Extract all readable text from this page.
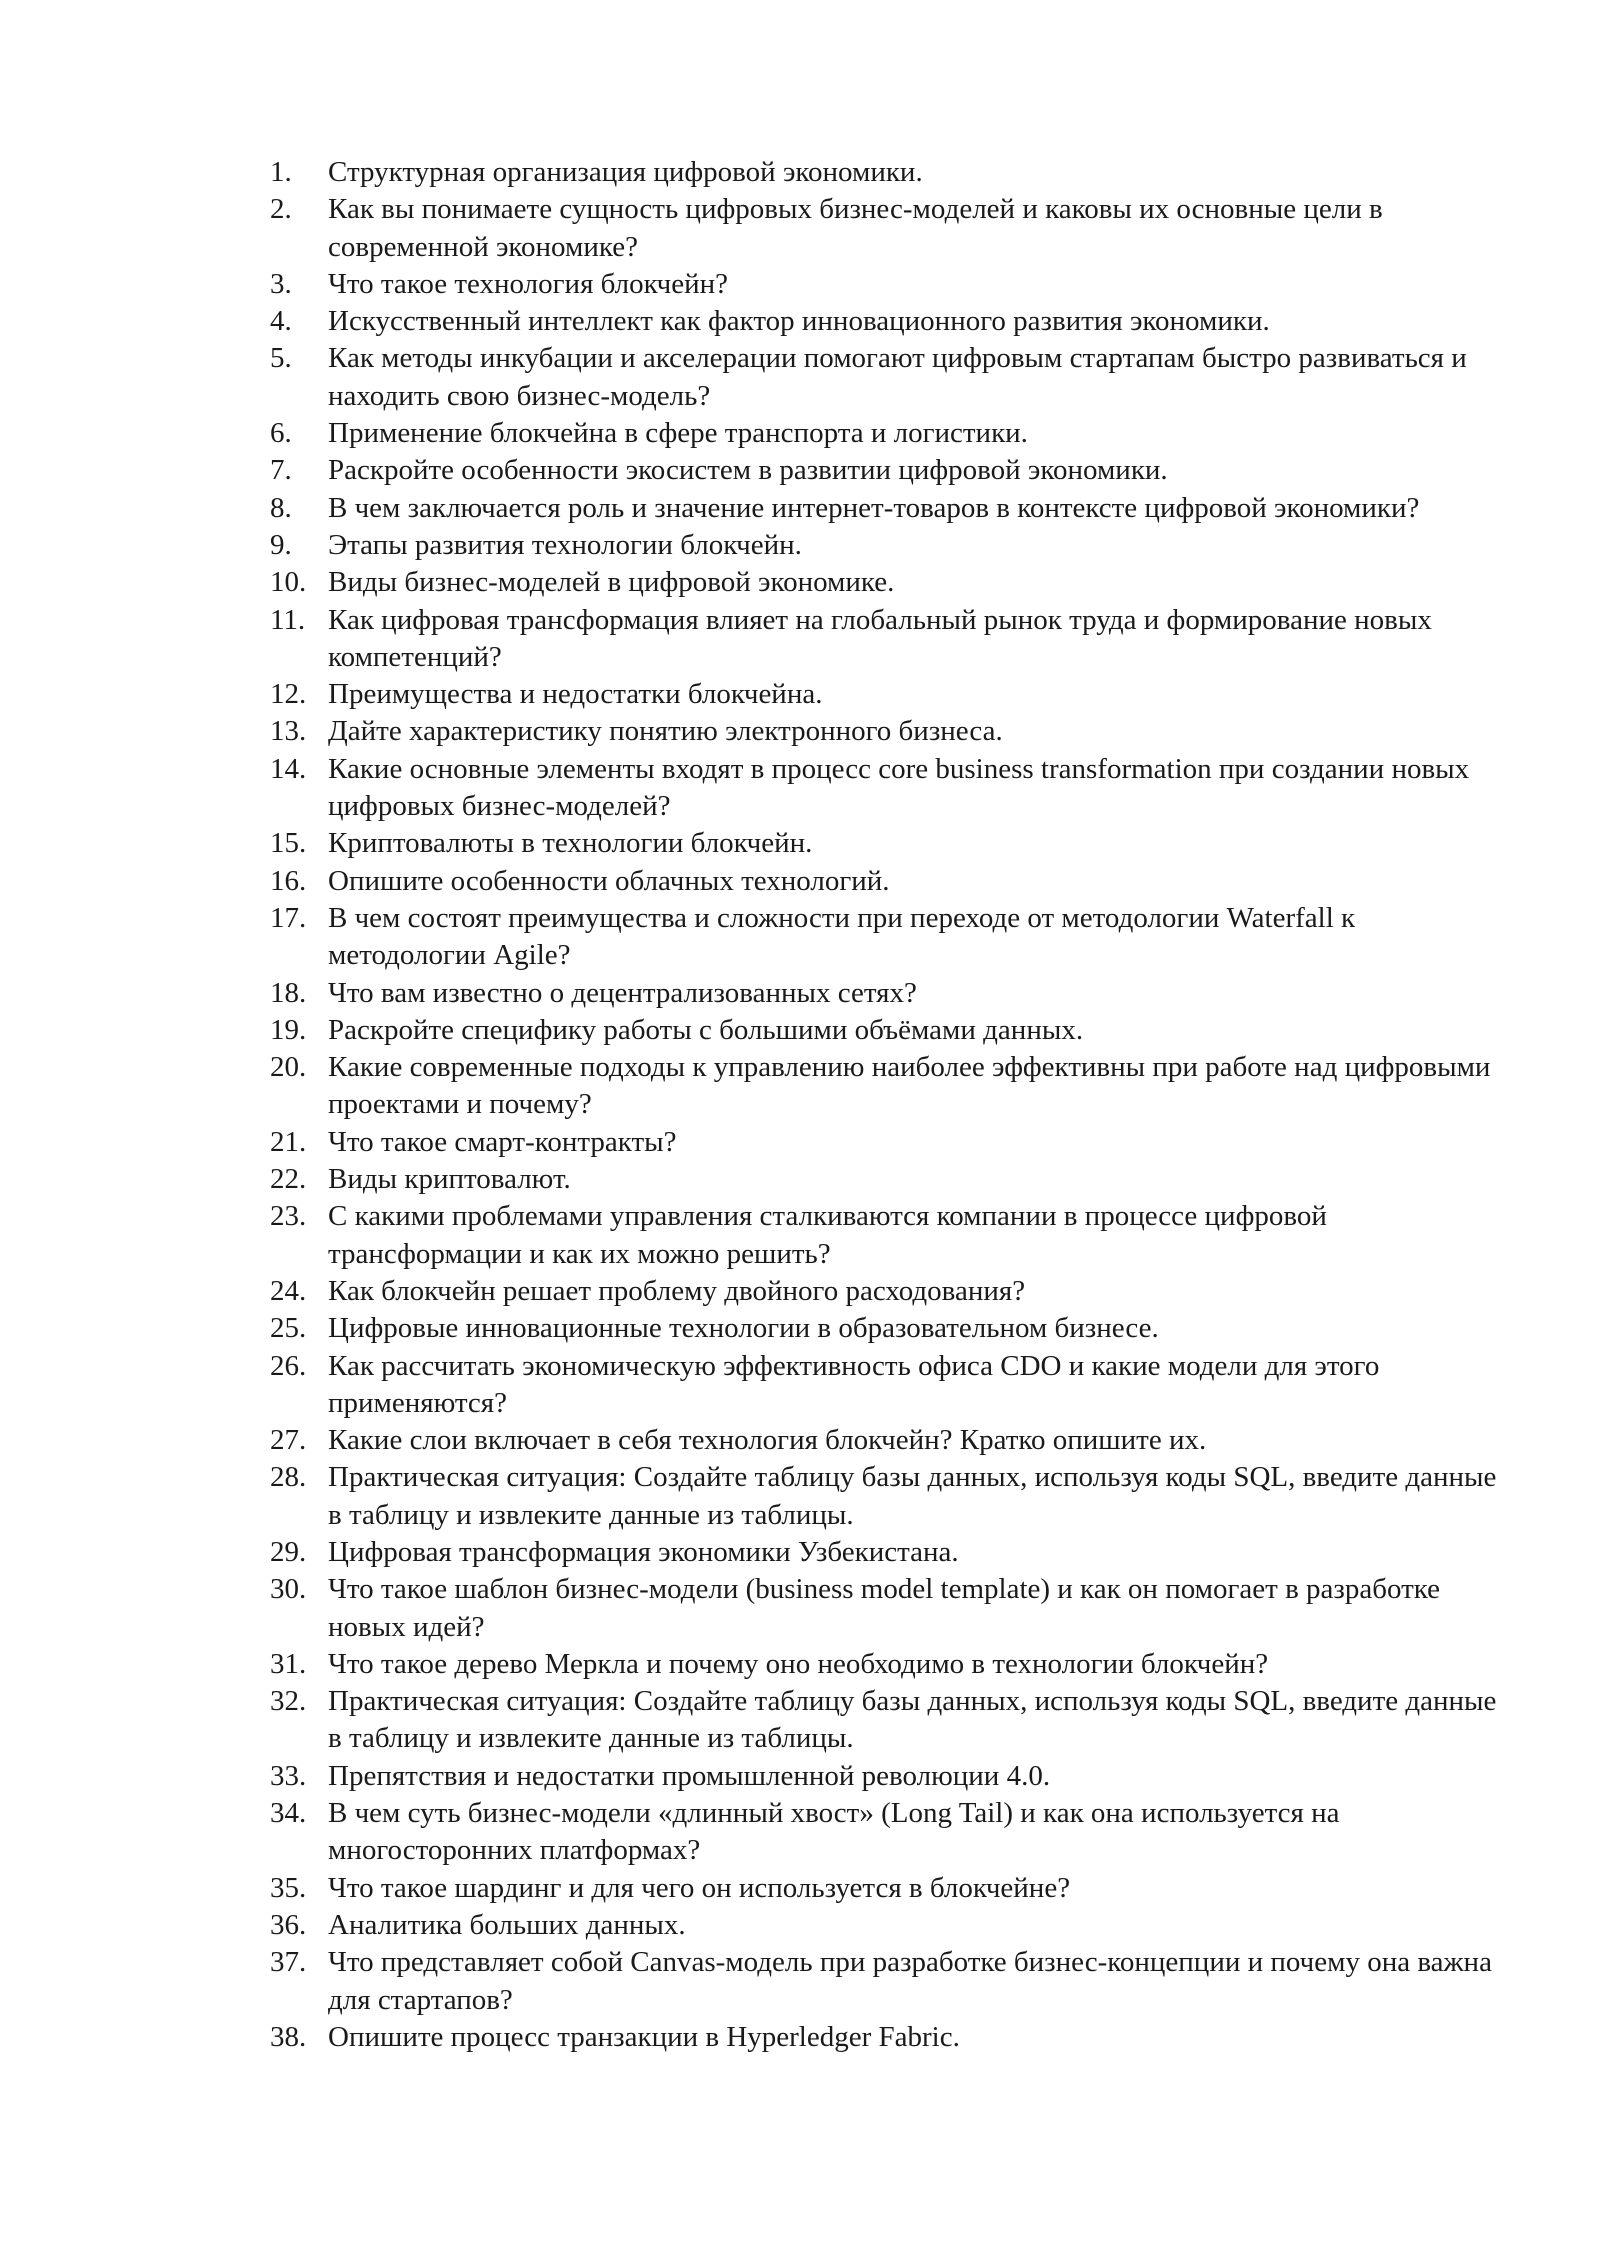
1.	Структурная организация цифровой экономики.
2.	Как вы понимаете сущность цифровых бизнес-моделей и каковы их основные цели в современной экономике?
3.	Что такое технология блокчейн?
4.	Искусственный интеллект как фактор инновационного развития экономики.
5.	Как методы инкубации и акселерации помогают цифровым стартапам быстро развиваться и находить свою бизнес-модель?
6.	Применение блокчейна в сфере транспорта и логистики.
7.	Раскройте особенности экосистем в развитии цифровой экономики.
8.	В чем заключается роль и значение интернет-товаров в контексте цифровой экономики?
9.	Этапы развития технологии блокчейн.
10. Виды бизнес-моделей в цифровой экономике.
11. Как цифровая трансформация влияет на глобальный рынок труда и формирование новых компетенций?
12. Преимущества и недостатки блокчейна.
13. Дайте характеристику понятию электронного бизнеса.
14. Какие основные элементы входят в процесс core business transformation при создании новых цифровых бизнес-моделей?
15. Криптовалюты в технологии блокчейн.
16. Опишите особенности облачных технологий.
17. В чем состоят преимущества и сложности при переходе от методологии Waterfall к методологии Agile?
18. Что вам известно о децентрализованных сетях?
19. Раскройте специфику работы с большими объёмами данных.
20. Какие современные подходы к управлению наиболее эффективны при работе над цифровыми проектами и почему?
21. Что такое смарт-контракты?
22. Виды криптовалют.
23. С какими проблемами управления сталкиваются компании в процессе цифровой трансформации и как их можно решить?
24. Как блокчейн решает проблему двойного расходования?
25. Цифровые инновационные технологии в образовательном бизнесе.
26. Как рассчитать экономическую эффективность офиса CDO и какие модели для этого применяются?
27. Какие слои включает в себя технология блокчейн? Кратко опишите их.
28. Практическая ситуация: Создайте таблицу базы данных, используя коды SQL, введите данные в таблицу и извлеките данные из таблицы.
29. Цифровая трансформация экономики Узбекистана.
30. Что такое шаблон бизнес-модели (business model template) и как он помогает в разработке новых идей?
31. Что такое дерево Меркла и почему оно необходимо в технологии блокчейн?
32. Практическая ситуация: Создайте таблицу базы данных, используя коды SQL, введите данные в таблицу и извлеките данные из таблицы.
33. Препятствия и недостатки промышленной революции 4.0.
34. В чем суть бизнес-модели «длинный хвост» (Long Tail) и как она используется на многосторонних платформах?
35. Что такое шардинг и для чего он используется в блокчейне?
36. Аналитика больших данных.
37. Что представляет собой Canvas-модель при разработке бизнес-концепции и почему она важна для стартапов?
38. Опишите процесс транзакции в Hyperledger Fabric.
